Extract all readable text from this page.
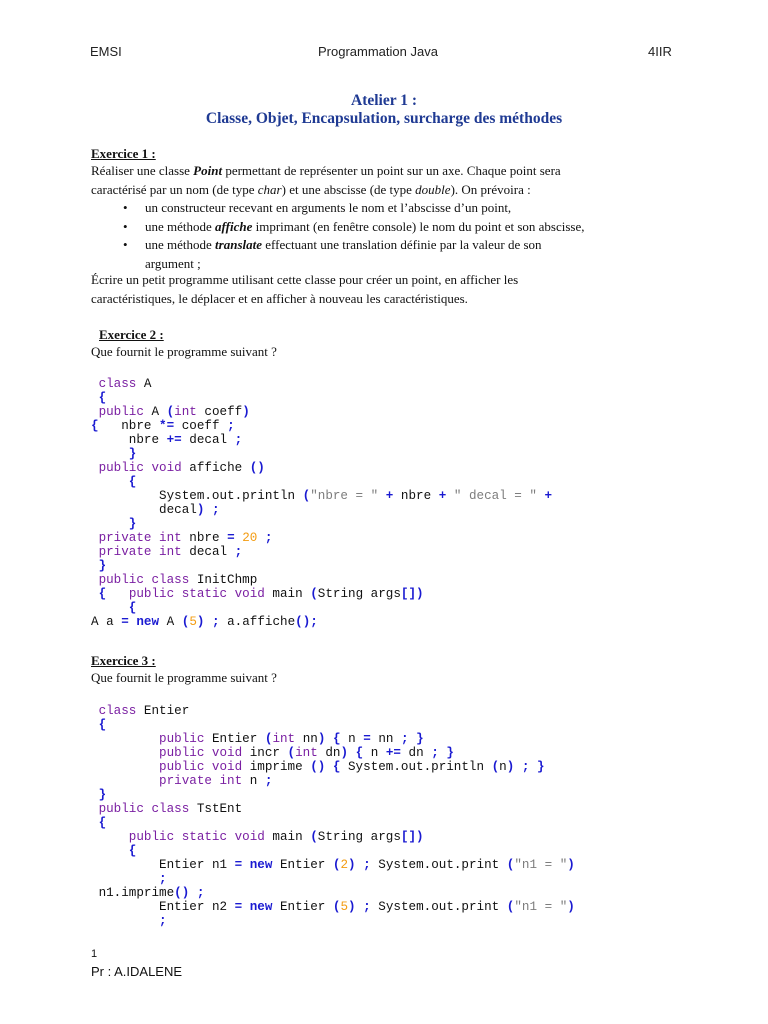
EMSI	Programmation Java	4IIR
Atelier 1 :
Classe, Objet, Encapsulation, surcharge des méthodes
Exercice 1 :
Réaliser une classe Point permettant de représenter un point sur un axe. Chaque point sera
caractérisé par un nom (de type char) et une abscisse (de type double). On prévoira :
• un constructeur recevant en arguments le nom et l’abscisse d’un point,
• une méthode affiche imprimant (en fenêtre console) le nom du point et son abscisse,
• une méthode translate effectuant une translation définie par la valeur de son
argument ;
Écrire un petit programme utilisant cette classe pour créer un point, en afficher les
caractéristiques, le déplacer et en afficher à nouveau les caractéristiques.
Exercice 2 :
Que fournit le programme suivant ?
class A
{
public A (int coeff)
{ nbre *= coeff ;
nbre += decal ;
}
public void affiche ()
{
System.out.println ("nbre = " + nbre + " decal = " +
decal) ;
}
private int nbre = 20 ;
private int decal ;
}
public class InitChmp
{ public static void main (String args[])
{
A a = new A (5) ; a.affiche();
Exercice 3 :
Que fournit le programme suivant ?
class Entier
{
public Entier (int nn) { n = nn ; }
public void incr (int dn) { n += dn ; }
public void imprime () { System.out.println (n) ; }
private int n ;
}
public class TstEnt
{
public static void main (String args[])
{
Entier n1 = new Entier (2) ; System.out.print ("n1 = ")
;
n1.imprime() ;
Entier n2 = new Entier (5) ; System.out.print ("n1 = ")
;
1
Pr : A.IDALENE
